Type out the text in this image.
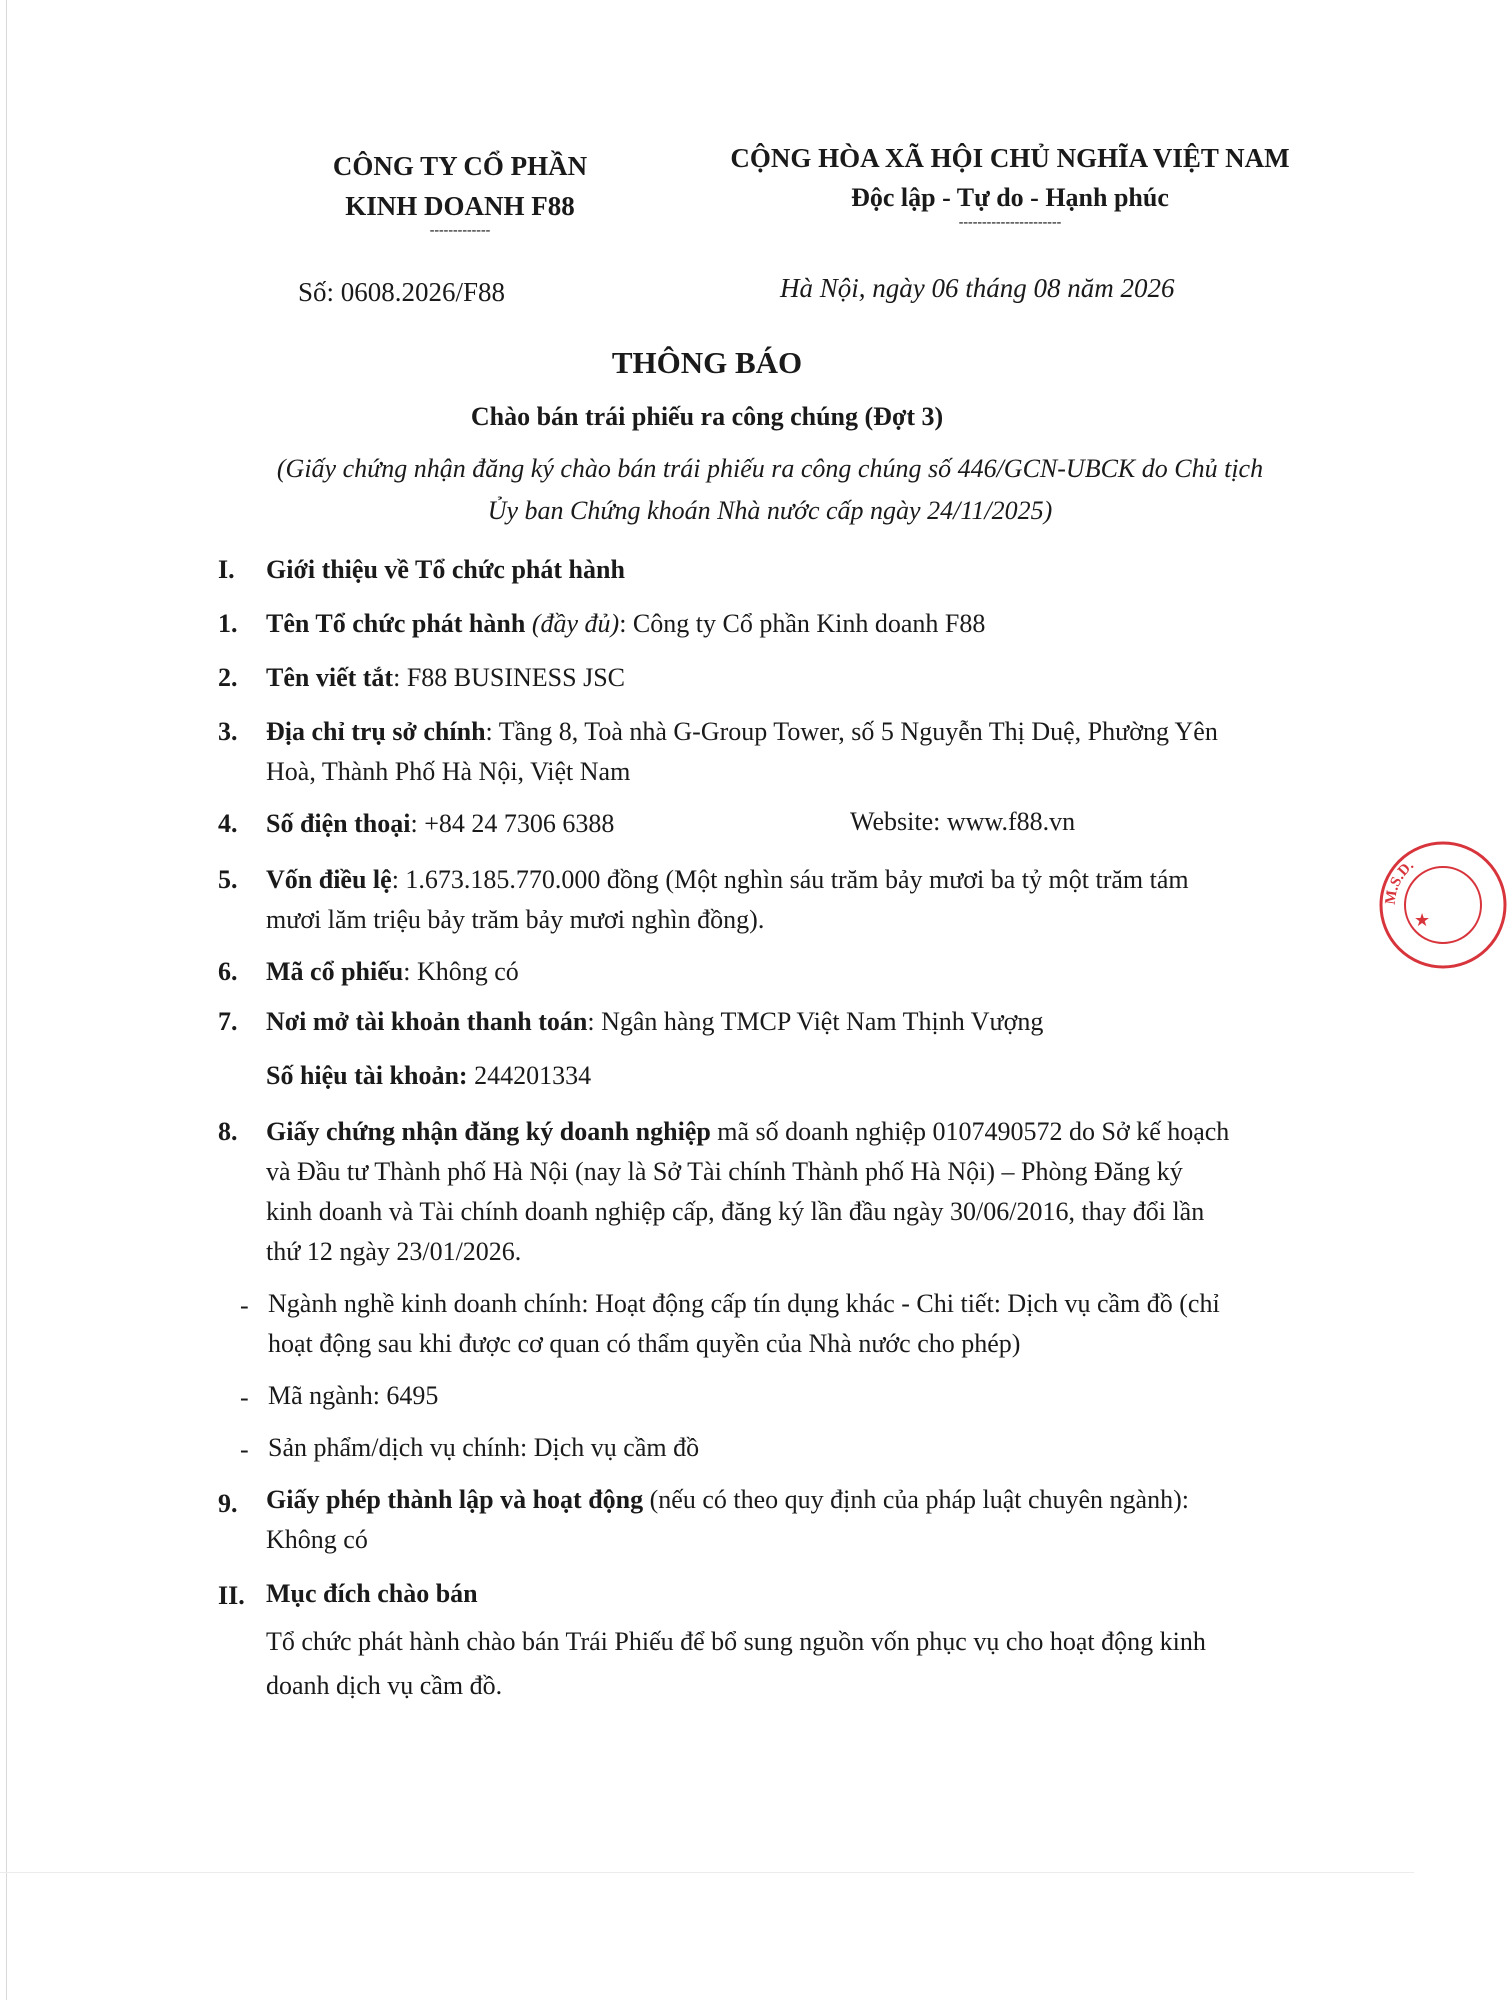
CÔNG TY CỔ PHẦN
KINH DOANH F88
-------------
CỘNG HÒA XÃ HỘI CHỦ NGHĨA VIỆT NAM
Độc lập - Tự do - Hạnh phúc
----------------------
Số: 0608.2026/F88	Hà Nội, ngày 06 tháng 08 năm 2026
THÔNG BÁO
Chào bán trái phiếu ra công chúng (Đợt 3)
(Giấy chứng nhận đăng ký chào bán trái phiếu ra công chúng số 446/GCN-UBCK do Chủ tịch
Ủy ban Chứng khoán Nhà nước cấp ngày 24/11/2025)
I. Giới thiệu về Tổ chức phát hành
1. Tên Tổ chức phát hành (đầy đủ): Công ty Cổ phần Kinh doanh F88
2. Tên viết tắt: F88 BUSINESS JSC
3. Địa chỉ trụ sở chính: Tầng 8, Toà nhà G-Group Tower, số 5 Nguyễn Thị Duệ, Phường Yên
Hoà, Thành Phố Hà Nội, Việt Nam
4. Số điện thoại: +84 24 7306 6388	Website: www.f88.vn
5. Vốn điều lệ: 1.673.185.770.000 đồng (Một nghìn sáu trăm bảy mươi ba tỷ một trăm tám
mươi lăm triệu bảy trăm bảy mươi nghìn đồng).
6. Mã cổ phiếu: Không có
7. Nơi mở tài khoản thanh toán: Ngân hàng TMCP Việt Nam Thịnh Vượng
Số hiệu tài khoản: 244201334
8. Giấy chứng nhận đăng ký doanh nghiệp mã số doanh nghiệp 0107490572 do Sở kế hoạch
và Đầu tư Thành phố Hà Nội (nay là Sở Tài chính Thành phố Hà Nội) – Phòng Đăng ký
kinh doanh và Tài chính doanh nghiệp cấp, đăng ký lần đầu ngày 30/06/2016, thay đổi lần
thứ 12 ngày 23/01/2026.
- Ngành nghề kinh doanh chính: Hoạt động cấp tín dụng khác - Chi tiết: Dịch vụ cầm đồ (chỉ
hoạt động sau khi được cơ quan có thẩm quyền của Nhà nước cho phép)
- Mã ngành: 6495
- Sản phẩm/dịch vụ chính: Dịch vụ cầm đồ
9. Giấy phép thành lập và hoạt động (nếu có theo quy định của pháp luật chuyên ngành):
Không có
II. Mục đích chào bán
Tổ chức phát hành chào bán Trái Phiếu để bổ sung nguồn vốn phục vụ cho hoạt động kinh
doanh dịch vụ cầm đồ.
M.S.D.
★
